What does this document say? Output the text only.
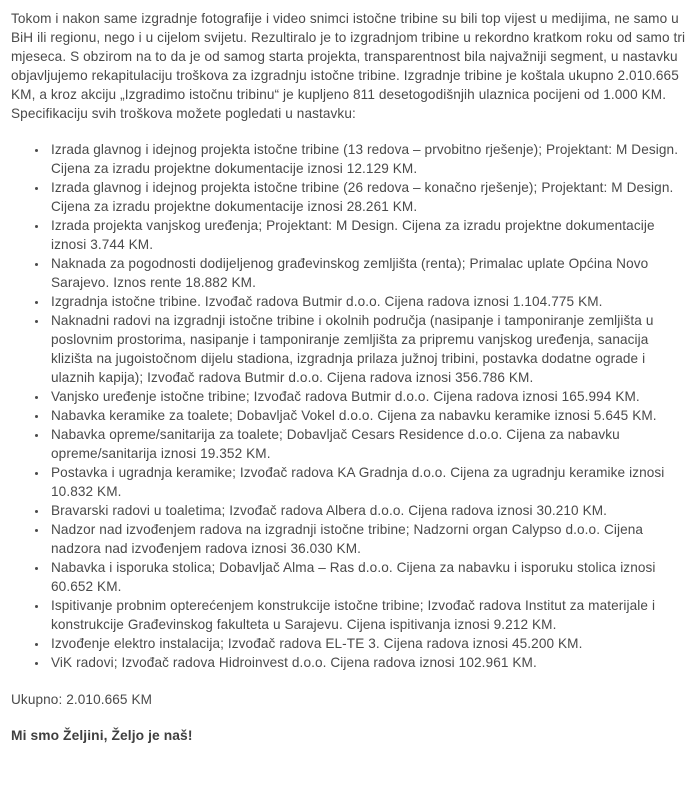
Tokom i nakon same izgradnje fotografije i video snimci istočne tribine su bili top vijest u medijima, ne samo u BiH ili regionu, nego i u cijelom svijetu. Rezultiralo je to izgradnjom tribine u rekordno kratkom roku od samo tri mjeseca. S obzirom na to da je od samog starta projekta, transparentnost bila najvažniji segment, u nastavku objavljujemo rekapitulaciju troškova za izgradnju istočne tribine. Izgradnje tribine je koštala ukupno 2.010.665 KM, a kroz akciju „Izgradimo istočnu tribinu“ je kupljeno 811 desetogodišnjih ulaznica pocijeni od 1.000 KM. Specifikaciju svih troškova možete pogledati u nastavku:

• Izrada glavnog i idejnog projekta istočne tribine (13 redova – prvobitno rješenje); Projektant: M Design. Cijena za izradu projektne dokumentacije iznosi 12.129 KM.
• Izrada glavnog i idejnog projekta istočne tribine (26 redova – konačno rješenje); Projektant: M Design. Cijena za izradu projektne dokumentacije iznosi 28.261 KM.
• Izrada projekta vanjskog uređenja; Projektant: M Design. Cijena za izradu projektne dokumentacije iznosi 3.744 KM.
• Naknada za pogodnosti dodijeljenog građevinskog zemljišta (renta); Primalac uplate Općina Novo Sarajevo. Iznos rente 18.882 KM.
• Izgradnja istočne tribine. Izvođač radova Butmir d.o.o. Cijena radova iznosi 1.104.775 KM.
• Naknadni radovi na izgradnji istočne tribine i okolnih područja (nasipanje i tamponiranje zemljišta u poslovnim prostorima, nasipanje i tamponiranje zemljišta za pripremu vanjskog uređenja, sanacija klizišta na jugoistočnom dijelu stadiona, izgradnja prilaza južnoj tribini, postavka dodatne ograde i ulaznih kapija); Izvođač radova Butmir d.o.o. Cijena radova iznosi 356.786 KM.
• Vanjsko uređenje istočne tribine; Izvođač radova Butmir d.o.o. Cijena radova iznosi 165.994 KM.
• Nabavka keramike za toalete; Dobavljač Vokel d.o.o. Cijena za nabavku keramike iznosi 5.645 KM.
• Nabavka opreme/sanitarija za toalete; Dobavljač Cesars Residence d.o.o. Cijena za nabavku opreme/sanitarija iznosi 19.352 KM.
• Postavka i ugradnja keramike; Izvođač radova KA Gradnja d.o.o. Cijena za ugradnju keramike iznosi 10.832 KM.
• Bravarski radovi u toaletima; Izvođač radova Albera d.o.o. Cijena radova iznosi 30.210 KM.
• Nadzor nad izvođenjem radova na izgradnji istočne tribine; Nadzorni organ Calypso d.o.o. Cijena nadzora nad izvođenjem radova iznosi 36.030 KM.
• Nabavka i isporuka stolica; Dobavljač Alma – Ras d.o.o. Cijena za nabavku i isporuku stolica iznosi 60.652 KM.
• Ispitivanje probnim opterećenjem konstrukcije istočne tribine; Izvođač radova Institut za materijale i konstrukcije Građevinskog fakulteta u Sarajevu. Cijena ispitivanja iznosi 9.212 KM.
• Izvođenje elektro instalacija; Izvođač radova EL-TE 3. Cijena radova iznosi 45.200 KM.
• ViK radovi; Izvođač radova Hidroinvest d.o.o. Cijena radova iznosi 102.961 KM.

Ukupno: 2.010.665 KM

Mi smo Željini, Željo je naš!
